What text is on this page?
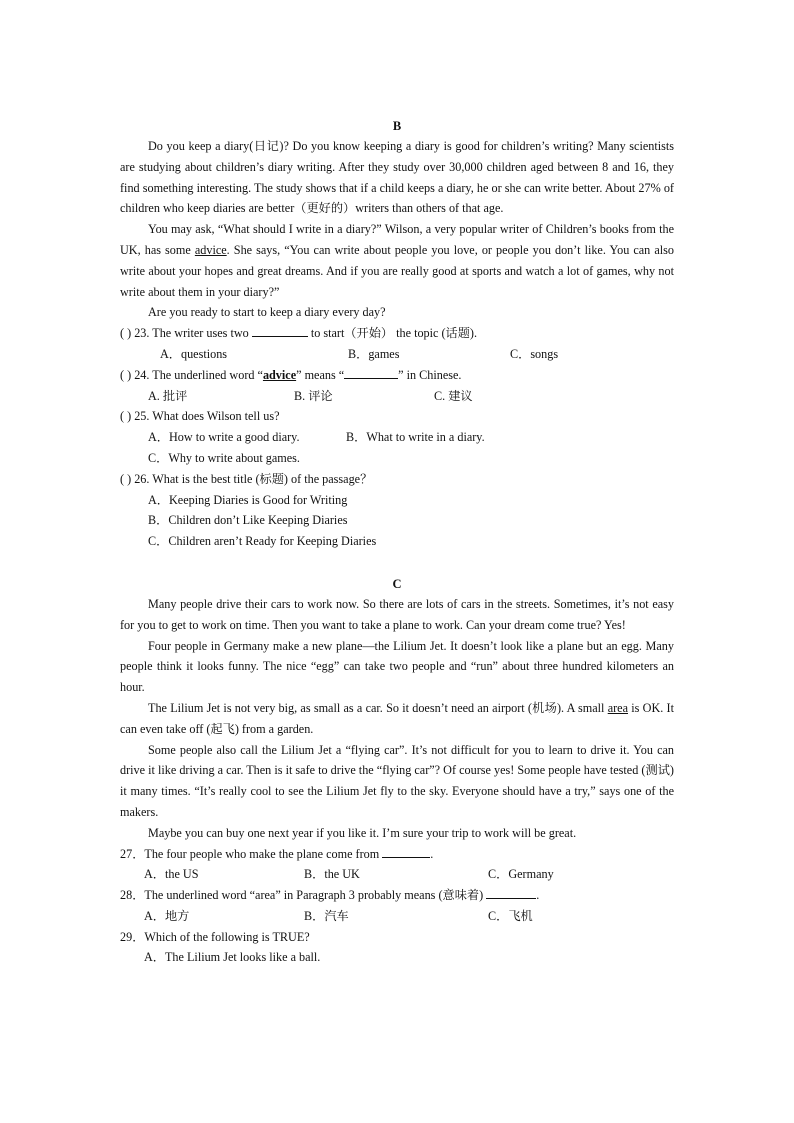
B

Do you keep a diary(日记)? Do you know keeping a diary is good for children’s writing? Many scientists are studying about children’s diary writing. After they study over 30,000 children aged between 8 and 16, they find something interesting. The study shows that if a child keeps a diary, he or she can write better. About 27% of children who keep diaries are better（更好的）writers than others of that age.

You may ask, “What should I write in a diary?” Wilson, a very popular writer of Children’s books from the UK, has some advice. She says, “You can write about people you love, or people you don’t like. You can also write about your hopes and great dreams. And if you are really good at sports and watch a lot of games, why not write about them in your diary?”

Are you ready to start to keep a diary every day?

( ) 23. The writer uses two	to start（开始） the topic (话题).
A．questions	B．games	C．songs
( ) 24. The underlined word “advice” means “	” in Chinese.
A. 批评	B. 评论	C. 建议
( ) 25. What does Wilson tell us?
A．How to write a good diary.	B．What to write in a diary.
C．Why to write about games.
( ) 26. What is the best title (标题) of the passage？
A．Keeping Diaries is Good for Writing
B．Children don’t Like Keeping Diaries
C．Children aren’t Ready for Keeping Diaries
C

Many people drive their cars to work now. So there are lots of cars in the streets. Sometimes, it’s not easy for you to get to work on time. Then you want to take a plane to work. Can your dream come true? Yes!

Four people in Germany make a new plane—the Lilium Jet. It doesn’t look like a plane but an egg. Many people think it looks funny. The nice “egg” can take two people and “run” about three hundred kilometers an hour.

The Lilium Jet is not very big, as small as a car. So it doesn’t need an airport (机场). A small area is OK. It can even take off (起飞) from a garden.

Some people also call the Lilium Jet a “flying car”. It’s not difficult for you to learn to drive it. You can drive it like driving a car. Then is it safe to drive the “flying car”? Of course yes! Some people have tested (测试) it many times. “It’s really cool to see the Lilium Jet fly to the sky. Everyone should have a try,” says one of the makers.

Maybe you can buy one next year if you like it. I’m sure your trip to work will be great.

27．The four people who make the plane come from	.
A．the US	B．the UK	C．Germany
28．The underlined word “area” in Paragraph 3 probably means (意味着)	.
A．地方	B．汽车	C．飞机
29．Which of the following is TRUE?
A．The Lilium Jet looks like a ball.
